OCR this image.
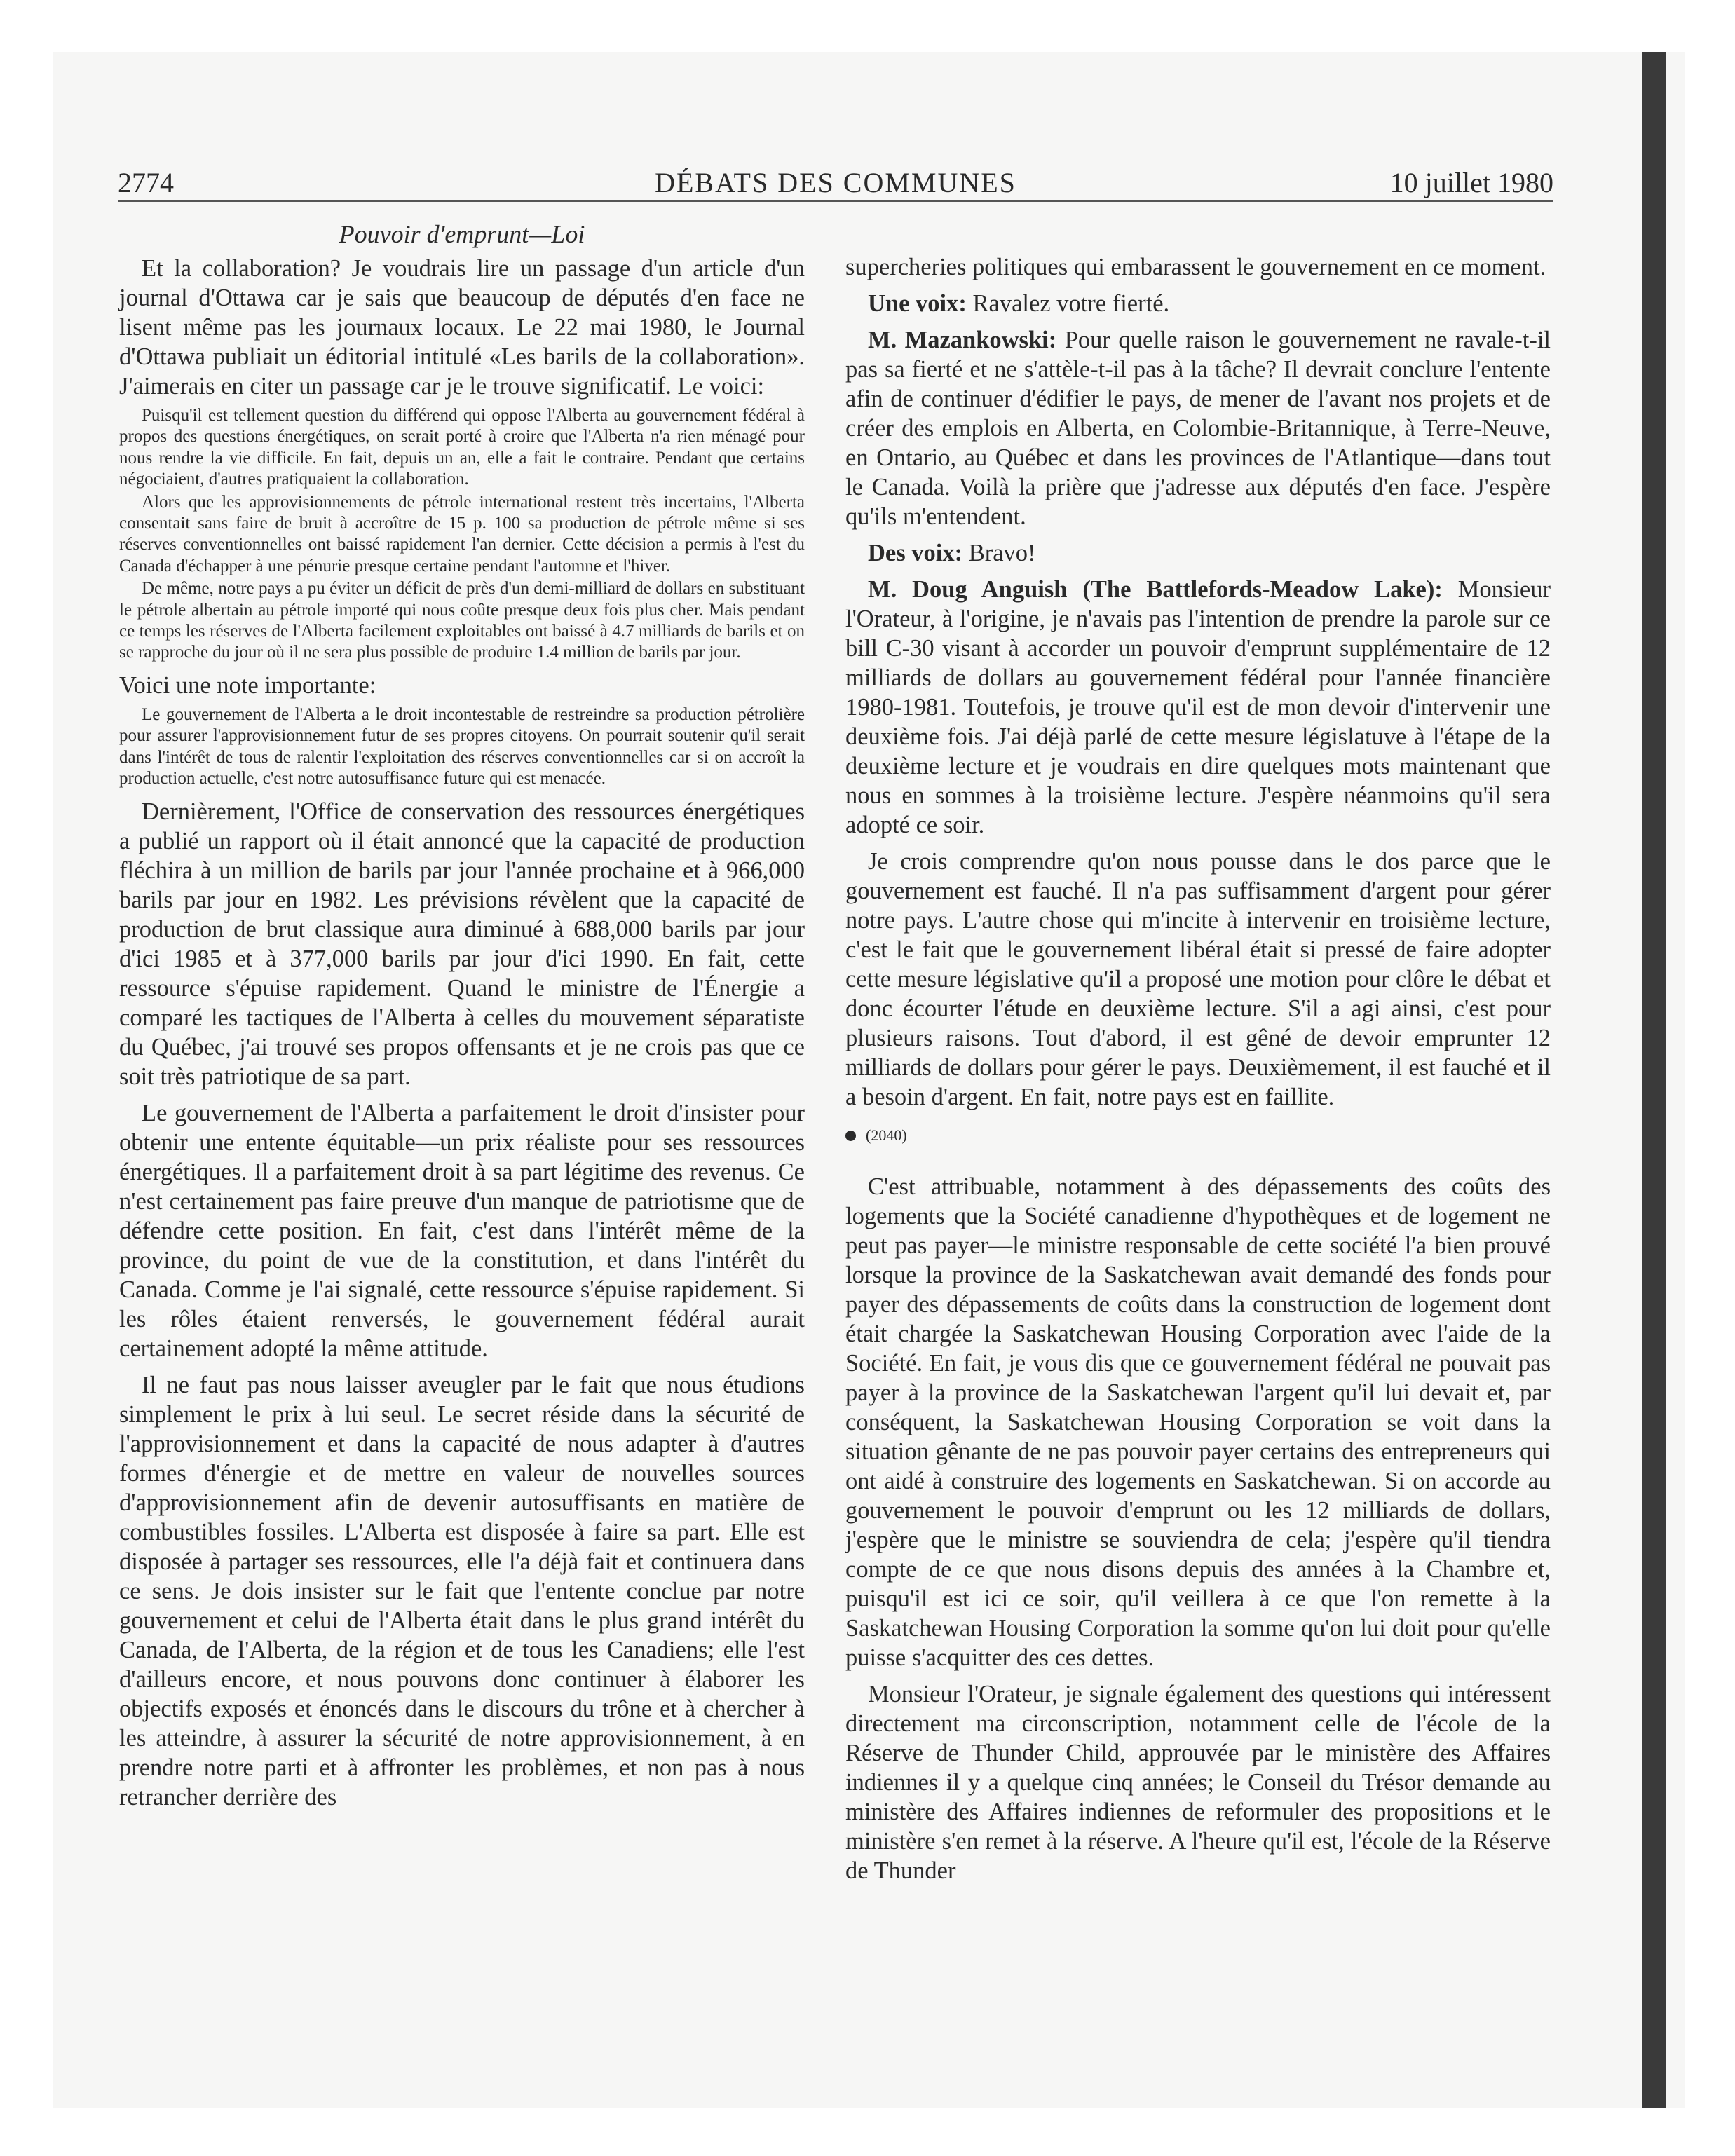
2774	DÉBATS DES COMMUNES	10 juillet 1980
Pouvoir d'emprunt—Loi

Et la collaboration? Je voudrais lire un passage d'un article d'un journal d'Ottawa car je sais que beaucoup de députés d'en face ne lisent même pas les journaux locaux. Le 22 mai 1980, le Journal d'Ottawa publiait un éditorial intitulé «Les barils de la collaboration». J'aimerais en citer un passage car je le trouve significatif. Le voici:

Puisqu'il est tellement question du différend qui oppose l'Alberta au gouvernement fédéral à propos des questions énergétiques, on serait porté à croire que l'Alberta n'a rien ménagé pour nous rendre la vie difficile. En fait, depuis un an, elle a fait le contraire. Pendant que certains négociaient, d'autres pratiquaient la collaboration.

Alors que les approvisionnements de pétrole international restent très incertains, l'Alberta consentait sans faire de bruit à accroître de 15 p. 100 sa production de pétrole même si ses réserves conventionnelles ont baissé rapidement l'an dernier. Cette décision a permis à l'est du Canada d'échapper à une pénurie presque certaine pendant l'automne et l'hiver.

De même, notre pays a pu éviter un déficit de près d'un demi-milliard de dollars en substituant le pétrole albertain au pétrole importé qui nous coûte presque deux fois plus cher. Mais pendant ce temps les réserves de l'Alberta facilement exploitables ont baissé à 4.7 milliards de barils et on se rapproche du jour où il ne sera plus possible de produire 1.4 million de barils par jour.

Voici une note importante:

Le gouvernement de l'Alberta a le droit incontestable de restreindre sa production pétrolière pour assurer l'approvisionnement futur de ses propres citoyens. On pourrait soutenir qu'il serait dans l'intérêt de tous de ralentir l'exploitation des réserves conventionnelles car si on accroît la production actuelle, c'est notre autosuffisance future qui est menacée.

Dernièrement, l'Office de conservation des ressources énergétiques a publié un rapport où il était annoncé que la capacité de production fléchira à un million de barils par jour l'année prochaine et à 966,000 barils par jour en 1982. Les prévisions révèlent que la capacité de production de brut classique aura diminué à 688,000 barils par jour d'ici 1985 et à 377,000 barils par jour d'ici 1990. En fait, cette ressource s'épuise rapidement. Quand le ministre de l'Énergie a comparé les tactiques de l'Alberta à celles du mouvement séparatiste du Québec, j'ai trouvé ses propos offensants et je ne crois pas que ce soit très patriotique de sa part.

Le gouvernement de l'Alberta a parfaitement le droit d'insister pour obtenir une entente équitable—un prix réaliste pour ses ressources énergétiques. Il a parfaitement droit à sa part légitime des revenus. Ce n'est certainement pas faire preuve d'un manque de patriotisme que de défendre cette position. En fait, c'est dans l'intérêt même de la province, du point de vue de la constitution, et dans l'intérêt du Canada. Comme je l'ai signalé, cette ressource s'épuise rapidement. Si les rôles étaient renversés, le gouvernement fédéral aurait certainement adopté la même attitude.

Il ne faut pas nous laisser aveugler par le fait que nous étudions simplement le prix à lui seul. Le secret réside dans la sécurité de l'approvisionnement et dans la capacité de nous adapter à d'autres formes d'énergie et de mettre en valeur de nouvelles sources d'approvisionnement afin de devenir autosuffisants en matière de combustibles fossiles. L'Alberta est disposée à faire sa part. Elle est disposée à partager ses ressources, elle l'a déjà fait et continuera dans ce sens. Je dois insister sur le fait que l'entente conclue par notre gouvernement et celui de l'Alberta était dans le plus grand intérêt du Canada, de l'Alberta, de la région et de tous les Canadiens; elle l'est d'ailleurs encore, et nous pouvons donc continuer à élaborer les objectifs exposés et énoncés dans le discours du trône et à chercher à les atteindre, à assurer la sécurité de notre approvisionnement, à en prendre notre parti et à affronter les problèmes, et non pas à nous retrancher derrière des

supercheries politiques qui embarassent le gouvernement en ce moment.

Une voix: Ravalez votre fierté.

M. Mazankowski: Pour quelle raison le gouvernement ne ravale-t-il pas sa fierté et ne s'attèle-t-il pas à la tâche? Il devrait conclure l'entente afin de continuer d'édifier le pays, de mener de l'avant nos projets et de créer des emplois en Alberta, en Colombie-Britannique, à Terre-Neuve, en Ontario, au Québec et dans les provinces de l'Atlantique—dans tout le Canada. Voilà la prière que j'adresse aux députés d'en face. J'espère qu'ils m'entendent.

Des voix: Bravo!

M. Doug Anguish (The Battlefords-Meadow Lake): Monsieur l'Orateur, à l'origine, je n'avais pas l'intention de prendre la parole sur ce bill C-30 visant à accorder un pouvoir d'emprunt supplémentaire de 12 milliards de dollars au gouvernement fédéral pour l'année financière 1980-1981. Toutefois, je trouve qu'il est de mon devoir d'intervenir une deuxième fois. J'ai déjà parlé de cette mesure législatuve à l'étape de la deuxième lecture et je voudrais en dire quelques mots maintenant que nous en sommes à la troisième lecture. J'espère néanmoins qu'il sera adopté ce soir.

Je crois comprendre qu'on nous pousse dans le dos parce que le gouvernement est fauché. Il n'a pas suffisamment d'argent pour gérer notre pays. L'autre chose qui m'incite à intervenir en troisième lecture, c'est le fait que le gouvernement libéral était si pressé de faire adopter cette mesure législative qu'il a proposé une motion pour clôre le débat et donc écourter l'étude en deuxième lecture. S'il a agi ainsi, c'est pour plusieurs raisons. Tout d'abord, il est gêné de devoir emprunter 12 milliards de dollars pour gérer le pays. Deuxièmement, il est fauché et il a besoin d'argent. En fait, notre pays est en faillite.

(2040)

C'est attribuable, notamment à des dépassements des coûts des logements que la Société canadienne d'hypothèques et de logement ne peut pas payer—le ministre responsable de cette société l'a bien prouvé lorsque la province de la Saskatchewan avait demandé des fonds pour payer des dépassements de coûts dans la construction de logement dont était chargée la Saskatchewan Housing Corporation avec l'aide de la Société. En fait, je vous dis que ce gouvernement fédéral ne pouvait pas payer à la province de la Saskatchewan l'argent qu'il lui devait et, par conséquent, la Saskatchewan Housing Corporation se voit dans la situation gênante de ne pas pouvoir payer certains des entrepreneurs qui ont aidé à construire des logements en Saskatchewan. Si on accorde au gouvernement le pouvoir d'emprunt ou les 12 milliards de dollars, j'espère que le ministre se souviendra de cela; j'espère qu'il tiendra compte de ce que nous disons depuis des années à la Chambre et, puisqu'il est ici ce soir, qu'il veillera à ce que l'on remette à la Saskatchewan Housing Corporation la somme qu'on lui doit pour qu'elle puisse s'acquitter des ces dettes.

Monsieur l'Orateur, je signale également des questions qui intéressent directement ma circonscription, notamment celle de l'école de la Réserve de Thunder Child, approuvée par le ministère des Affaires indiennes il y a quelque cinq années; le Conseil du Trésor demande au ministère des Affaires indiennes de reformuler des propositions et le ministère s'en remet à la réserve. A l'heure qu'il est, l'école de la Réserve de Thunder
